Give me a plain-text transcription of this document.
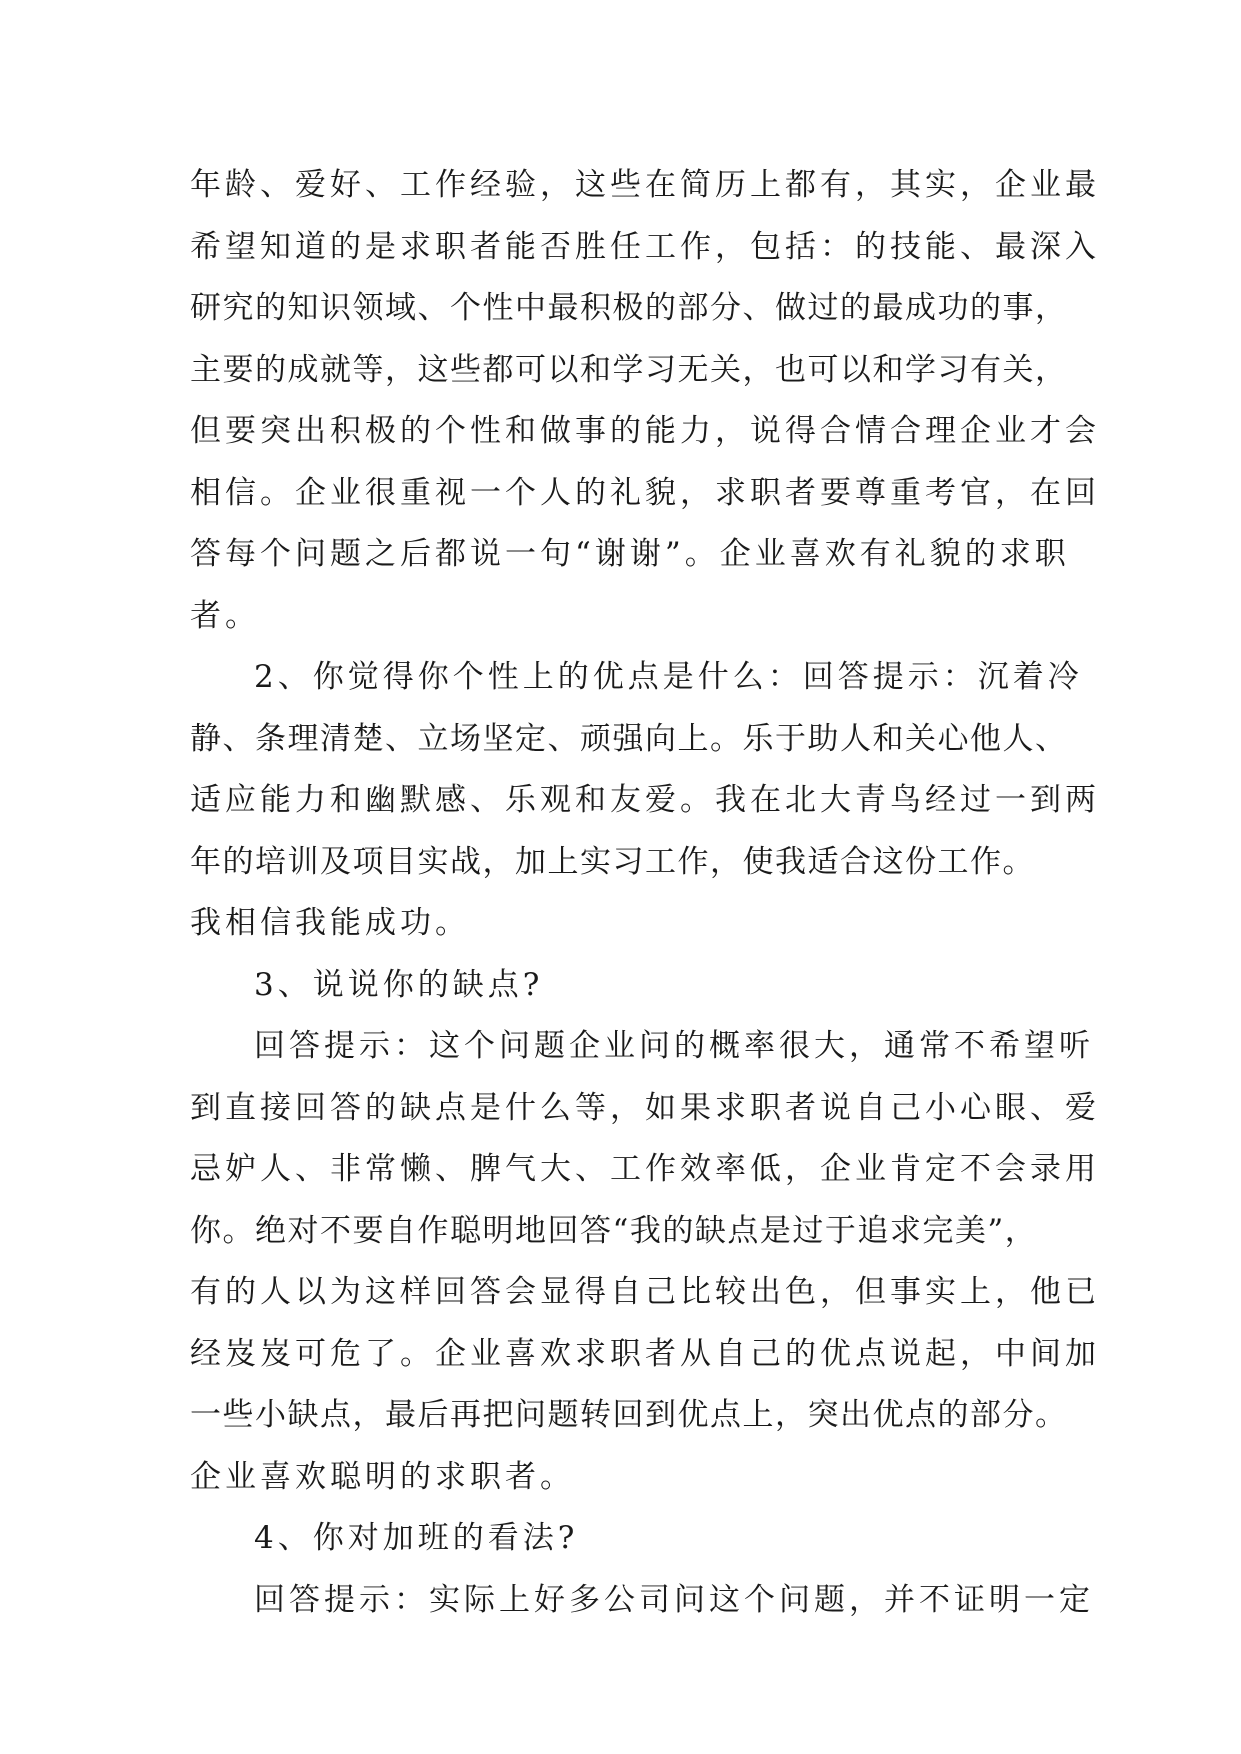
年龄、爱好、工作经验，这些在简历上都有，其实，企业最
希望知道的是求职者能否胜任工作，包括：的技能、最深入
研究的知识领域、个性中最积极的部分、做过的最成功的事，
主要的成就等，这些都可以和学习无关，也可以和学习有关，
但要突出积极的个性和做事的能力，说得合情合理企业才会
相信。企业很重视一个人的礼貌，求职者要尊重考官，在回
答每个问题之后都说一句“谢谢”。企业喜欢有礼貌的求职
者。
2、你觉得你个性上的优点是什么：回答提示：沉着冷
静、条理清楚、立场坚定、顽强向上。乐于助人和关心他人、
适应能力和幽默感、乐观和友爱。我在北大青鸟经过一到两
年的培训及项目实战，加上实习工作，使我适合这份工作。
我相信我能成功。
3、说说你的缺点?
回答提示：这个问题企业问的概率很大，通常不希望听
到直接回答的缺点是什么等，如果求职者说自己小心眼、爱
忌妒人、非常懒、脾气大、工作效率低，企业肯定不会录用
你。绝对不要自作聪明地回答“我的缺点是过于追求完美”，
有的人以为这样回答会显得自己比较出色，但事实上，他已
经岌岌可危了。企业喜欢求职者从自己的优点说起，中间加
一些小缺点，最后再把问题转回到优点上，突出优点的部分。
企业喜欢聪明的求职者。
4、你对加班的看法?
回答提示：实际上好多公司问这个问题，并不证明一定
